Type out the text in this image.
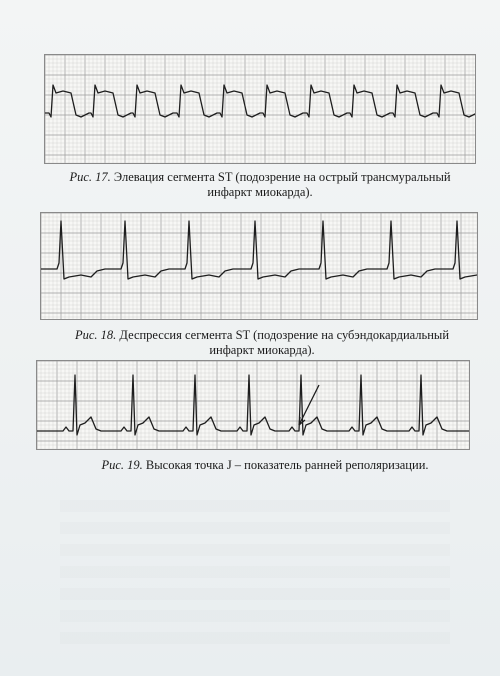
Рис. 17. Элевация сегмента ST (подозрение на острый трансмуральный
инфаркт миокарда).
Рис. 18. Деспрессия сегмента ST (подозрение на субэндокардиальный
инфаркт миокарда).
Рис. 19. Высокая точка J – показатель ранней реполяризации.
